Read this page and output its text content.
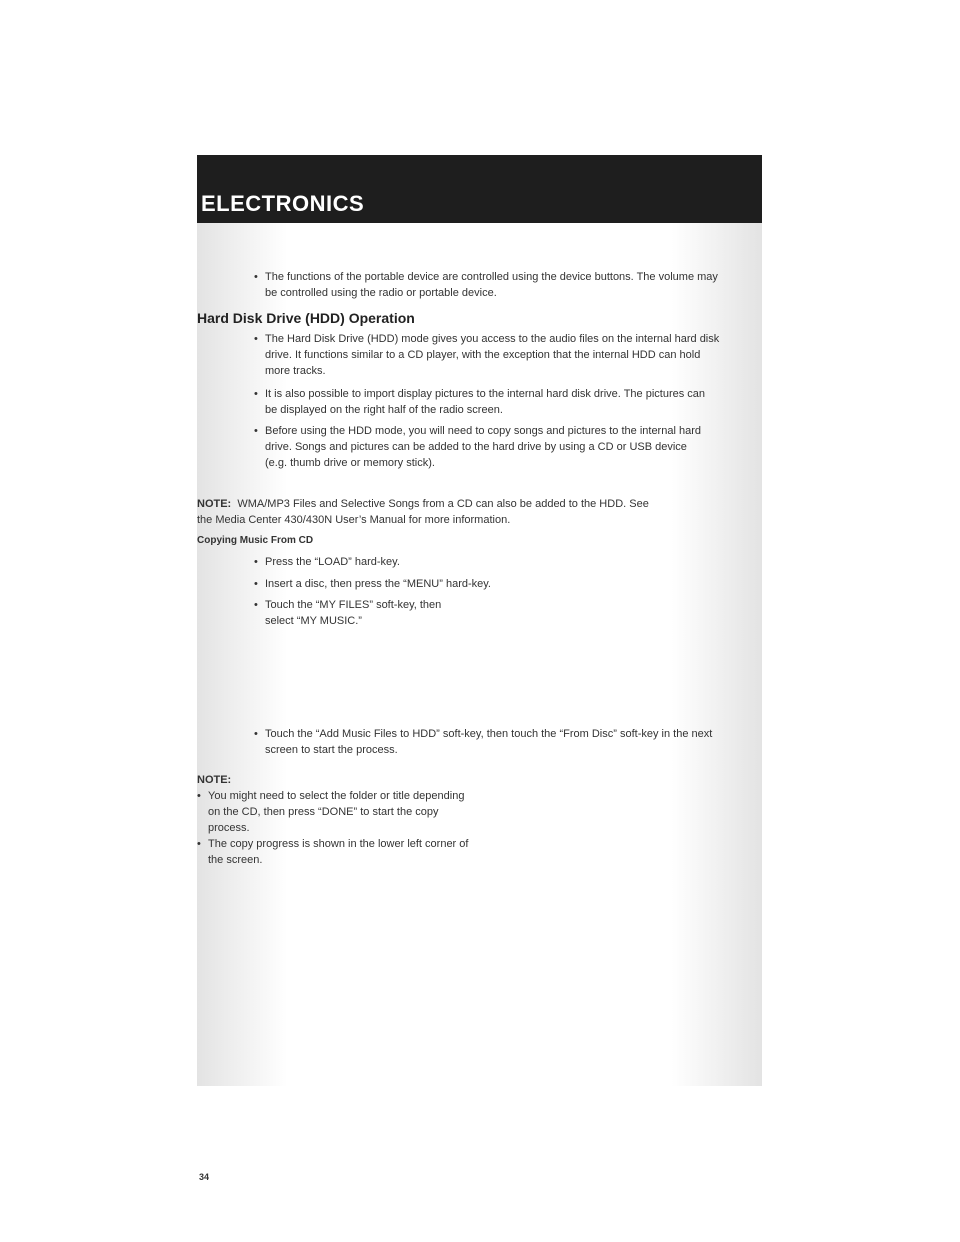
ELECTRONICS

• The functions of the portable device are controlled using the device buttons. The volume may be controlled using the radio or portable device.

Hard Disk Drive (HDD) Operation

• The Hard Disk Drive (HDD) mode gives you access to the audio files on the internal hard disk drive. It functions similar to a CD player, with the exception that the internal HDD can hold more tracks.

• It is also possible to import display pictures to the internal hard disk drive. The pictures can be displayed on the right half of the radio screen.

• Before using the HDD mode, you will need to copy songs and pictures to the internal hard drive. Songs and pictures can be added to the hard drive by using a CD or USB device (e.g. thumb drive or memory stick).

NOTE: WMA/MP3 Files and Selective Songs from a CD can also be added to the HDD. See the Media Center 430/430N User’s Manual for more information.

Copying Music From CD

• Press the “LOAD” hard-key.

• Insert a disc, then press the “MENU” hard-key.

• Touch the “MY FILES” soft-key, then select “MY MUSIC.”

• Touch the “Add Music Files to HDD” soft-key, then touch the “From Disc” soft-key in the next screen to start the process.

NOTE:

• You might need to select the folder or title depending on the CD, then press “DONE” to start the copy process.

• The copy progress is shown in the lower left corner of the screen.

34
